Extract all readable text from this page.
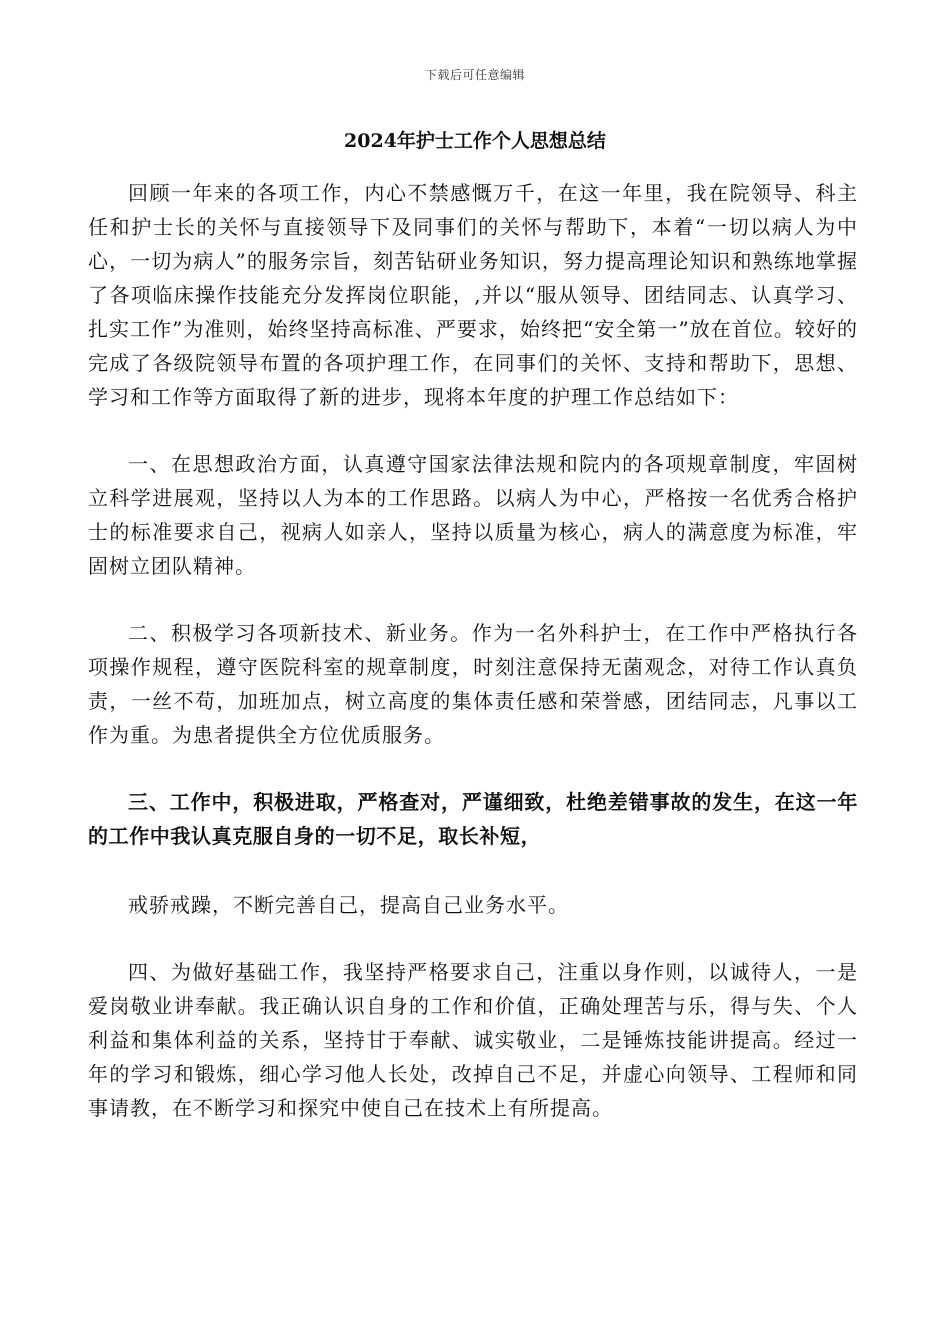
下载后可任意编辑
2024年护士工作个人思想总结

回顾一年来的各项工作，内心不禁感慨万千，在这一年里，我在院领导、科主任和护士长的关怀与直接领导下及同事们的关怀与帮助下，本着“一切以病人为中心，一切为病人”的服务宗旨，刻苦钻研业务知识，努力提高理论知识和熟练地掌握了各项临床操作技能充分发挥岗位职能，,并以“服从领导、团结同志、认真学习、扎实工作”为准则，始终坚持高标准、严要求，始终把“安全第一”放在首位。较好的完成了各级院领导布置的各项护理工作，在同事们的关怀、支持和帮助下，思想、学习和工作等方面取得了新的进步，现将本年度的护理工作总结如下：

一、在思想政治方面，认真遵守国家法律法规和院内的各项规章制度，牢固树立科学进展观，坚持以人为本的工作思路。以病人为中心，严格按一名优秀合格护士的标准要求自己，视病人如亲人，坚持以质量为核心，病人的满意度为标准，牢固树立团队精神。

二、积极学习各项新技术、新业务。作为一名外科护士，在工作中严格执行各项操作规程，遵守医院科室的规章制度，时刻注意保持无菌观念，对待工作认真负责，一丝不苟，加班加点，树立高度的集体责任感和荣誉感，团结同志，凡事以工作为重。为患者提供全方位优质服务。

三、工作中，积极进取，严格查对，严谨细致，杜绝差错事故的发生，在这一年的工作中我认真克服自身的一切不足，取长补短，

戒骄戒躁，不断完善自己，提高自己业务水平。

四、为做好基础工作，我坚持严格要求自己，注重以身作则，以诚待人，一是爱岗敬业讲奉献。我正确认识自身的工作和价值，正确处理苦与乐，得与失、个人利益和集体利益的关系，坚持甘于奉献、诚实敬业，二是锤炼技能讲提高。经过一年的学习和锻炼，细心学习他人长处，改掉自己不足，并虚心向领导、工程师和同事请教，在不断学习和探究中使自己在技术上有所提高。
